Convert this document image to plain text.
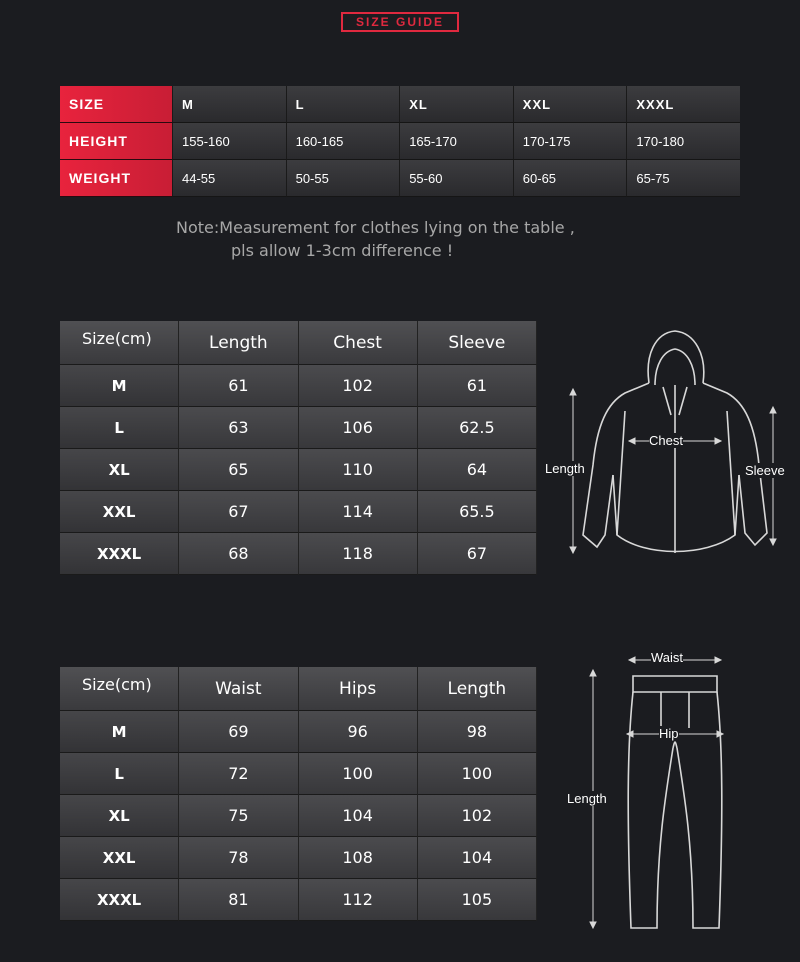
SIZE GUIDE
SIZE	M	L	XL	XXL	XXXL
HEIGHT	155-160	160-165	165-170	170-175	170-180
WEIGHT	44-55	50-55	55-60	60-65	65-75
Note:Measurement for clothes lying on the table ,
pls allow 1-3cm difference !
Size(cm)	Length	Chest	Sleeve
M	61	102	61
L	63	106	62.5
XL	65	110	64
XXL	67	114	65.5
XXXL	68	118	67
Length
Chest
Sleeve
Size(cm)	Waist	Hips	Length
M	69	96	98
L	72	100	100
XL	75	104	102
XXL	78	108	104
XXXL	81	112	105
Waist
Hip
Length
